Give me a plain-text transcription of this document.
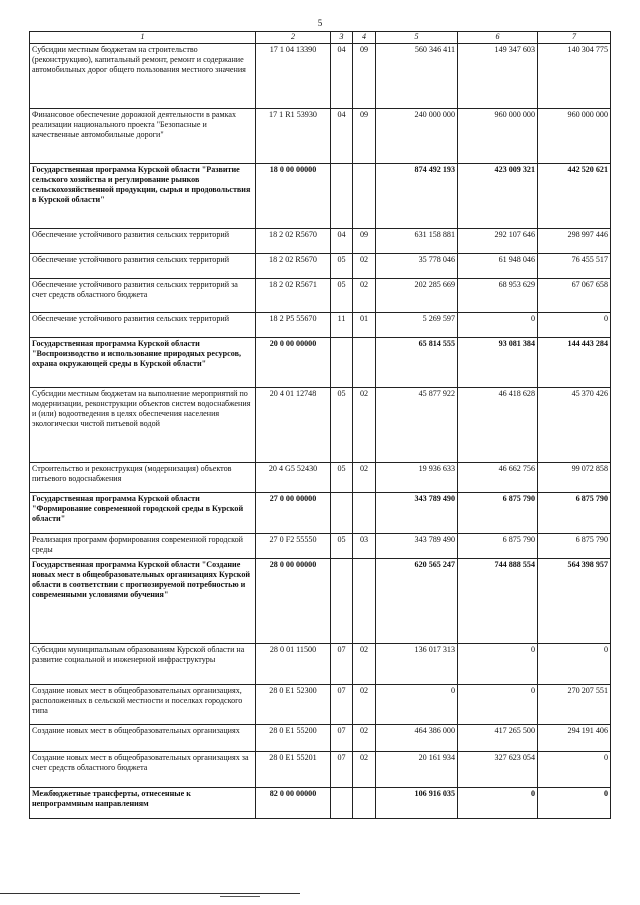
5
1	2	3	4	5	6	7
Субсидии местным бюджетам на строительство (реконструкцию), капитальный ремонт, ремонт и содержание автомобильных дорог общего пользования местного значения	17 1 04 13390	04	09	560 346 411	149 347 603	140 304 775
Финансовое обеспечение дорожной деятельности в рамках реализации национального проекта "Безопасные и качественные автомобильные дороги"	17 1 R1 53930	04	09	240 000 000	960 000 000	960 000 000
Государственная программа Курской области "Развитие сельского хозяйства и регулирование рынков сельскохозяйственной продукции, сырья и продовольствия в Курской области"	18 0 00 00000			874 492 193	423 009 321	442 520 621
Обеспечение устойчивого развития сельских территорий	18 2 02 R5670	04	09	631 158 881	292 107 646	298 997 446
Обеспечение устойчивого развития сельских территорий	18 2 02 R5670	05	02	35 778 046	61 948 046	76 455 517
Обеспечение устойчивого развития сельских территорий за счет средств областного бюджета	18 2 02 R5671	05	02	202 285 669	68 953 629	67 067 658
Обеспечение устойчивого развития сельских территорий	18 2 P5 55670	11	01	5 269 597	0	0
Государственная программа Курской области "Воспроизводство и использование природных ресурсов, охрана окружающей среды в Курской области"	20 0 00 00000			65 814 555	93 081 384	144 443 284
Субсидии местным бюджетам на выполнение мероприятий по модернизации, реконструкции объектов систем водоснабжения и (или) водоотведения в целях обеспечения населения экологически чистой питьевой водой	20 4 01 12748	05	02	45 877 922	46 418 628	45 370 426
Строительство и реконструкция (модернизация) объектов питьевого водоснабжения	20 4 G5 52430	05	02	19 936 633	46 662 756	99 072 858
Государственная программа Курской области "Формирование современной городской среды в Курской области"	27 0 00 00000			343 789 490	6 875 790	6 875 790
Реализация программ формирования современной городской среды	27 0 F2 55550	05	03	343 789 490	6 875 790	6 875 790
Государственная программа Курской области "Создание новых мест в общеобразовательных организациях Курской области в соответствии с прогнозируемой потребностью и современными условиями обучения"	28 0 00 00000			620 565 247	744 888 554	564 398 957
Субсидии муниципальным образованиям Курской области на развитие социальной и инженерной инфраструктуры	28 0 01 11500	07	02	136 017 313	0	0
Создание новых мест в общеобразовательных организациях, расположенных в сельской местности и поселках городского типа	28 0 E1 52300	07	02	0	0	270 207 551
Создание новых мест в общеобразовательных организациях	28 0 E1 55200	07	02	464 386 000	417 265 500	294 191 406
Создание новых мест в общеобразовательных организациях за счет средств областного бюджета	28 0 E1 55201	07	02	20 161 934	327 623 054	0
Межбюджетные трансферты, отнесенные к непрограммным направлениям	82 0 00 00000			106 916 035	0	0
